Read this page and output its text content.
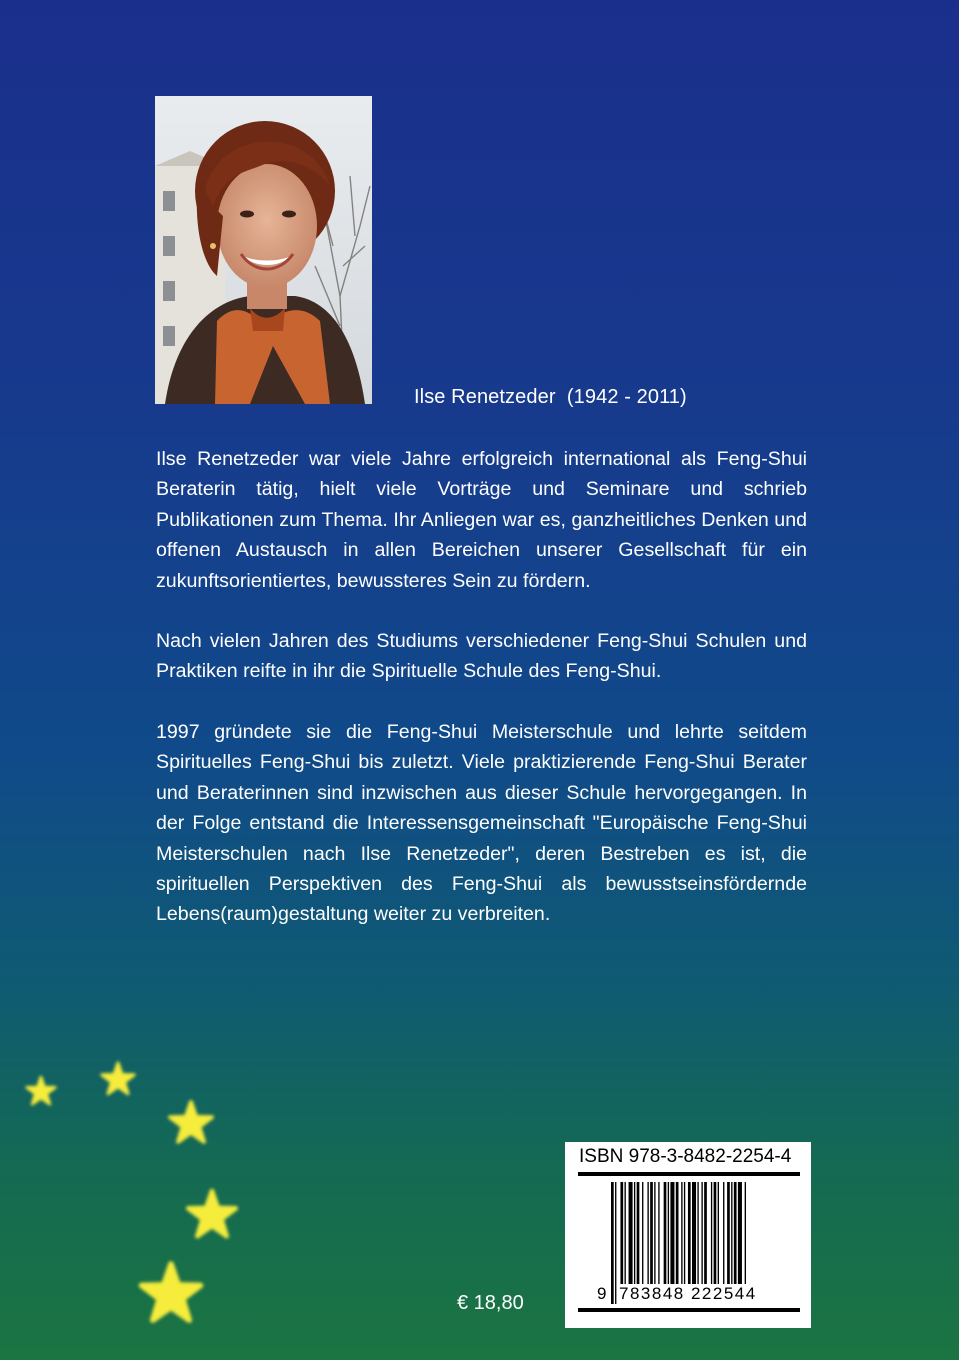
Ilse Renetzeder  (1942 - 2011)

Ilse Renetzeder war viele Jahre erfolgreich international als Feng-Shui Beraterin tätig, hielt viele Vorträge und Seminare und schrieb Publikationen zum Thema. Ihr Anliegen war es, ganzheitliches Denken und offenen Austausch in allen Bereichen unserer Gesellschaft für ein zukunftsorientiertes, bewussteres Sein zu fördern.

Nach vielen Jahren des Studiums verschiedener Feng-Shui Schulen und Praktiken reifte in ihr die Spirituelle Schule des Feng-Shui.

1997 gründete sie die Feng-Shui Meisterschule und lehrte seitdem Spirituelles Feng-Shui bis zuletzt. Viele praktizierende Feng-Shui Berater und Beraterinnen sind inzwischen aus dieser Schule hervorgegangen. In der Folge entstand die Interessensgemeinschaft "Europäische Feng-Shui Meisterschulen nach Ilse Renetzeder", deren Bestreben es ist, die spirituellen Perspektiven des Feng-Shui als bewusstseinsfördernde Lebens(raum)gestaltung weiter zu verbreiten.

€ 18,80
ISBN 978-3-8482-2254-4
9 783848 222544
